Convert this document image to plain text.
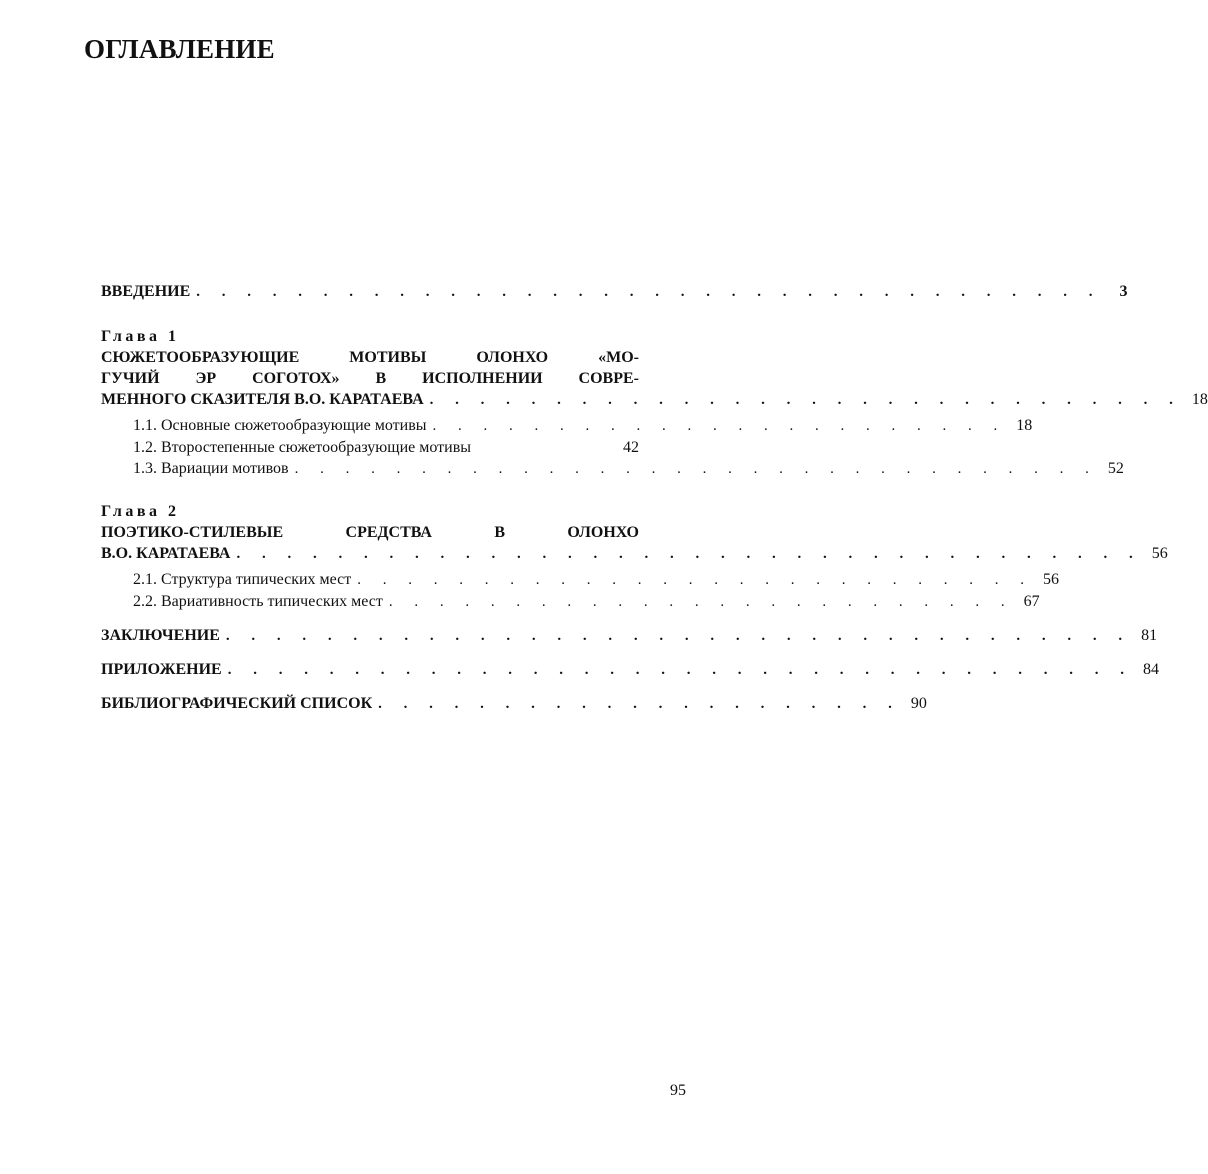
ОГЛАВЛЕНИЕ
ВВЕДЕНИЕ . . . . . . . . . . . . . . . . . . . . . . . . . . . . . . . . . . . .	3
Глава 1
СЮЖЕТООБРАЗУЮЩИЕ МОТИВЫ ОЛОНХО «МО-
ГУЧИЙ ЭР СОГОТОХ» В ИСПОЛНЕНИИ СОВРЕ-
МЕННОГО СКАЗИТЕЛЯ В.О. КАРАТАЕВА . . . . . . . . . . . . . . . . . . . . . . . . . . . . . . 18
1.1. Основные сюжетообразующие мотивы . . . . . . . . . . . . . . . . . . . . . . . 18
1.2. Второстепенные сюжетообразующие мотивы	42
1.3. Вариации мотивов . . . . . . . . . . . . . . . . . . . . . . . . . . . . . . . . 52
Глава 2
ПОЭТИКО-СТИЛЕВЫЕ СРЕДСТВА В ОЛОНХО
В.О. КАРАТАЕВА . . . . . . . . . . . . . . . . . . . . . . . . . . . . . . . . . . . . 56
2.1. Структура типических мест . . . . . . . . . . . . . . . . . . . . . . . . . . . 56
2.2. Вариативность типических мест . . . . . . . . . . . . . . . . . . . . . . . . . 67
ЗАКЛЮЧЕНИЕ . . . . . . . . . . . . . . . . . . . . . . . . . . . . . . . . . . . . 81
ПРИЛОЖЕНИЕ . . . . . . . . . . . . . . . . . . . . . . . . . . . . . . . . . . . . 84
БИБЛИОГРАФИЧЕСКИЙ СПИСОК . . . . . . . . . . . . . . . . . . . . . 90
95
